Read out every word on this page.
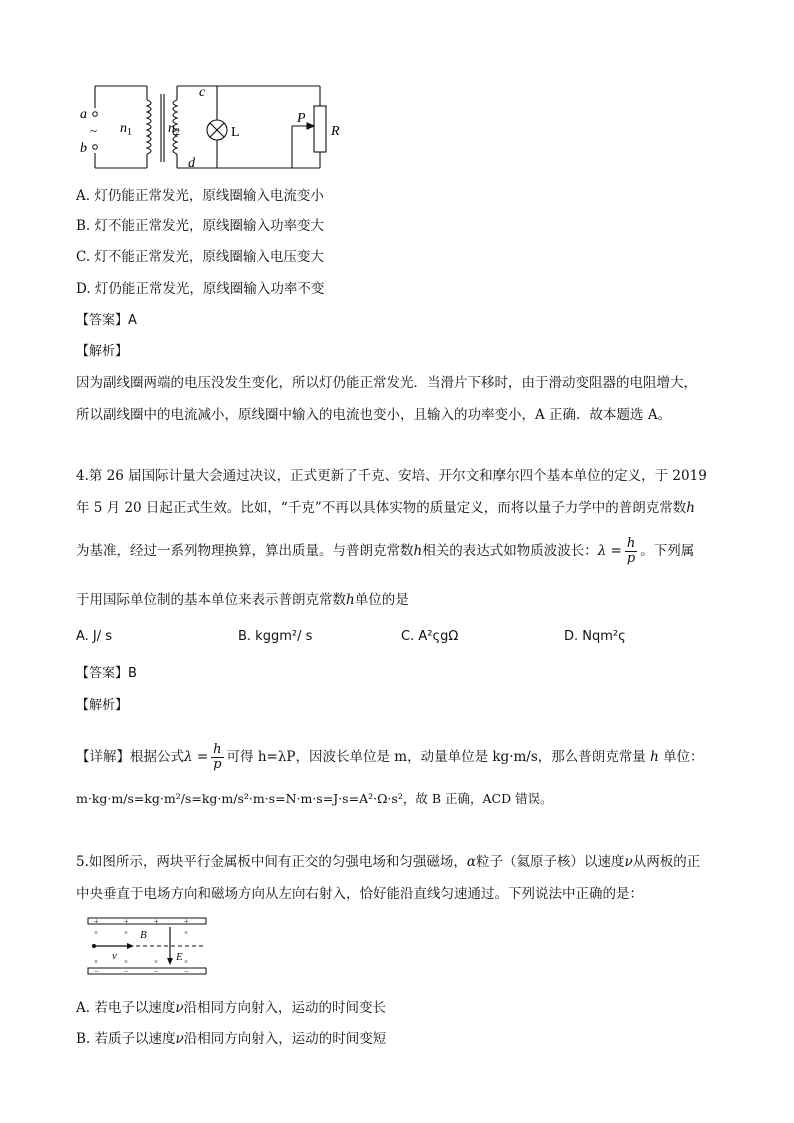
a
b
~ $n_1$	$n_2$
c
d
L
P
R
A. 灯仍能正常发光，原线圈输入电流变小
B. 灯不能正常发光，原线圈输入功率变大
C. 灯不能正常发光，原线圈输入电压变大
D. 灯仍能正常发光，原线圈输入功率不变
【答案】A
【解析】
因为副线圈两端的电压没发生变化，所以灯仍能正常发光．当滑片下移时，由于滑动变阻器的电阻增大，
所以副线圈中的电流减小，原线圈中输入的电流也变小，且输入的功率变小，A 正确．故本题选 A。
4.第 26 届国际计量大会通过决议，正式更新了千克、安培、开尔文和摩尔四个基本单位的定义，于 2019
年 5 月 20 日起正式生效。比如，“千克”不再以具体实物的质量定义，而将以量子力学中的普朗克常数h
为基准，经过一系列物理换算，算出质量。与普朗克常数h相关的表达式如物质波波长：$\lambda = \frac{h}{p}$ 。下列属
于用国际单位制的基本单位来表示普朗克常数h单位的是
A. J/ s	B. kggm²/ s	C. A²ςgΩ	D. Nqm²ς
【答案】B
【解析】
【详解】根据公式$\lambda = \frac{h}{p}$ 可得 h=λP，因波长单位是 m，动量单位是 kg·m/s，那么普朗克常量 h 单位：
m·kg·m/s=kg·m²/s=kg·m/s²·m·s=N·m·s=J·s=A²·Ω·s²，故 B 正确，ACD 错误。
5.如图所示，两块平行金属板中间有正交的匀强电场和匀强磁场，α粒子（氦原子核）以速度ν从两板的正
中央垂直于电场方向和磁场方向从左向右射入，恰好能沿直线匀速通过。下列说法中正确的是：
+	+	+	+
−	−	−	−
×	×	×
×	×	×	×
B
E
v
A. 若电子以速度ν沿相同方向射入，运动的时间变长
B. 若质子以速度ν沿相同方向射入，运动的时间变短
